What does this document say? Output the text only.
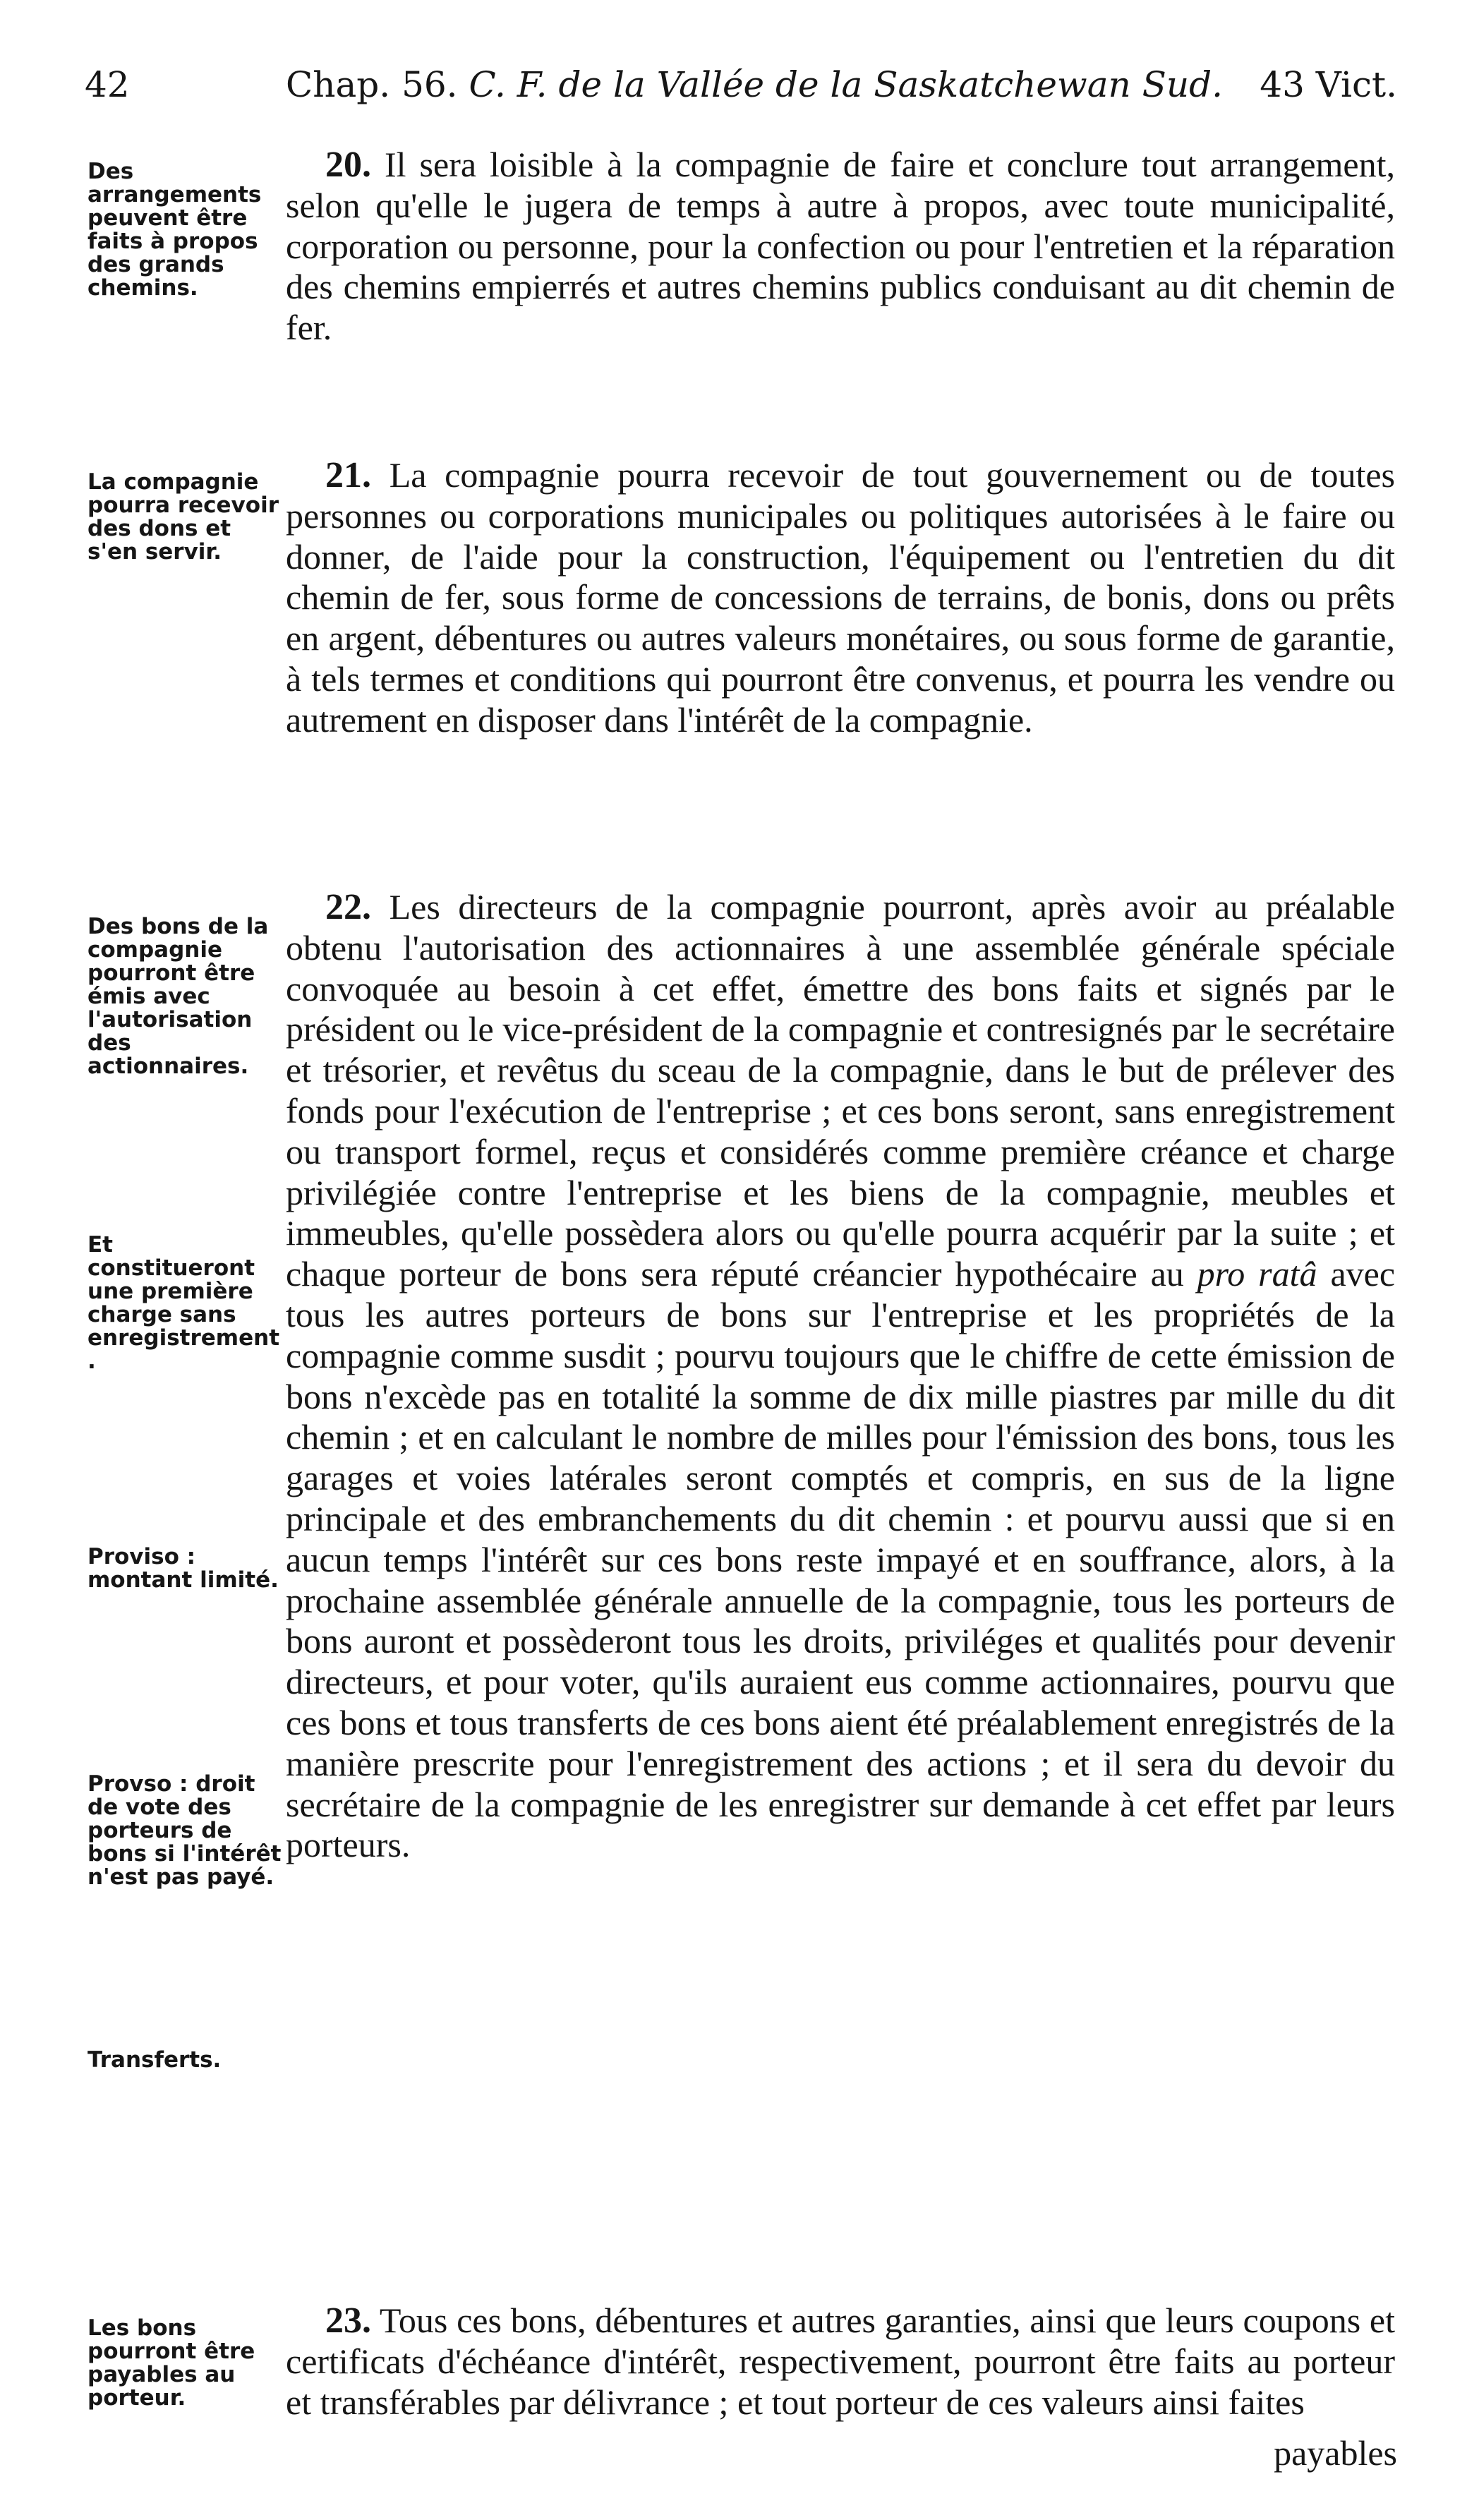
42	Chap. 56. C. F. de la Vallée de la Saskatchewan Sud. 43 Vict.

Des arrangements peuvent être faits à propos des grands chemins.

La compagnie pourra recevoir des dons et s'en servir.

Des bons de la compagnie pourront être émis avec l'autorisation des actionnaires.

Et constitueront une première charge sans enregistrement.

Proviso : montant limité.

Provso : droit de vote des porteurs de bons si l'intérêt n'est pas payé.

Transferts.

Les bons pourront être payables au porteur.

20. Il sera loisible à la compagnie de faire et conclure tout arrangement, selon qu'elle le jugera de temps à autre à propos, avec toute municipalité, corporation ou personne, pour la confection ou pour l'entretien et la réparation des chemins empierrés et autres chemins publics conduisant au dit chemin de fer.

21. La compagnie pourra recevoir de tout gouvernement ou de toutes personnes ou corporations municipales ou politiques autorisées à le faire ou donner, de l'aide pour la construction, l'équipement ou l'entretien du dit chemin de fer, sous forme de concessions de terrains, de bonis, dons ou prêts en argent, débentures ou autres valeurs monétaires, ou sous forme de garantie, à tels termes et conditions qui pourront être convenus, et pourra les vendre ou autrement en disposer dans l'intérêt de la compagnie.

22. Les directeurs de la compagnie pourront, après avoir au préalable obtenu l'autorisation des actionnaires à une assemblée générale spéciale convoquée au besoin à cet effet, émettre des bons faits et signés par le président ou le vice-président de la compagnie et contresignés par le secrétaire et trésorier, et revêtus du sceau de la compagnie, dans le but de prélever des fonds pour l'exécution de l'entreprise ; et ces bons seront, sans enregistrement ou transport formel, reçus et considérés comme première créance et charge privilégiée contre l'entreprise et les biens de la compagnie, meubles et immeubles, qu'elle possèdera alors ou qu'elle pourra acquérir par la suite ; et chaque porteur de bons sera réputé créancier hypothécaire au pro ratâ avec tous les autres porteurs de bons sur l'entreprise et les propriétés de la compagnie comme susdit ; pourvu toujours que le chiffre de cette émission de bons n'excède pas en totalité la somme de dix mille piastres par mille du dit chemin ; et en calculant le nombre de milles pour l'émission des bons, tous les garages et voies latérales seront comptés et compris, en sus de la ligne principale et des embranchements du dit chemin : et pourvu aussi que si en aucun temps l'intérêt sur ces bons reste impayé et en souffrance, alors, à la prochaine assemblée générale annuelle de la compagnie, tous les porteurs de bons auront et possèderont tous les droits, priviléges et qualités pour devenir directeurs, et pour voter, qu'ils auraient eus comme actionnaires, pourvu que ces bons et tous transferts de ces bons aient été préalablement enregistrés de la manière prescrite pour l'enregistrement des actions ; et il sera du devoir du secrétaire de la compagnie de les enregistrer sur demande à cet effet par leurs porteurs.

23. Tous ces bons, débentures et autres garanties, ainsi que leurs coupons et certificats d'échéance d'intérêt, respectivement, pourront être faits au porteur et transférables par délivrance ; et tout porteur de ces valeurs ainsi faites

payables
